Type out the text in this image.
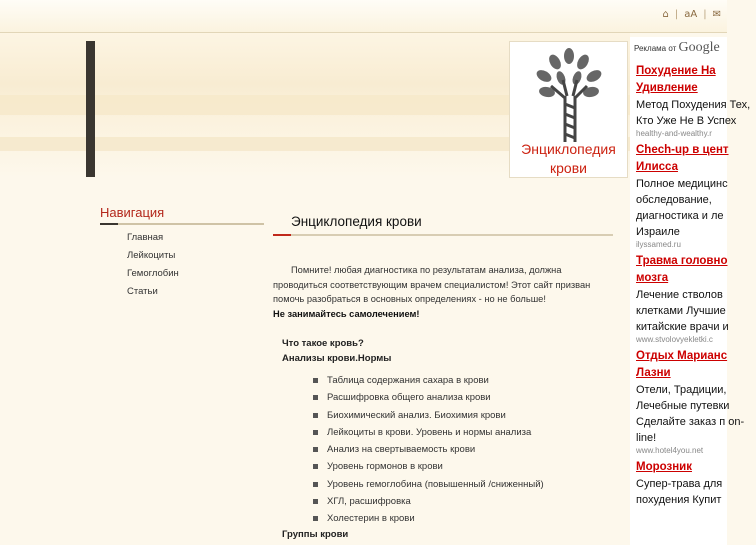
⌂ | аА | ✉
Энциклопедия
крови
Навигация
Главная
Лейкоциты
Гемоглобин
Статьи
Энциклопедия крови
Помните! любая диагностика по результатам анализа, должна проводиться соответствующим врачем специалистом! Этот сайт призван помочь разобраться в основных определениях - но не больше!
Не занимайтесь самолечением!
Что такое кровь?
Анализы крови.Нормы
Таблица содержания сахара в крови
Расшифровка общего анализа крови
Биохимический анализ. Биохимия крови
Лейкоциты в крови. Уровень и нормы анализа
Анализ на свертываемость крови
Уровень гормонов в крови
Уровень гемоглобина (повышенный /сниженный)
ХГЛ, расшифровка
Холестерин в крови
Группы крови
Реклама от Google
Похудение На Удивление
Метод Похудения Тех, Кто Уже Не В Успех
healthy-and-wealthy.r
Chech-up в цент Илисса
Полное медицинс обследование, диагностика и ле Израиле
ilyssamed.ru
Травма головно мозга
Лечение стволов клетками Лучшие китайские врачи и
www.stvolovyekletki.c
Отдых Марианс Лазни
Отели, Традиции, Лечебные путевки Сделайте заказ п on-line!
www.hotel4you.net
Морозник
Супер-трава для похудения Купит
